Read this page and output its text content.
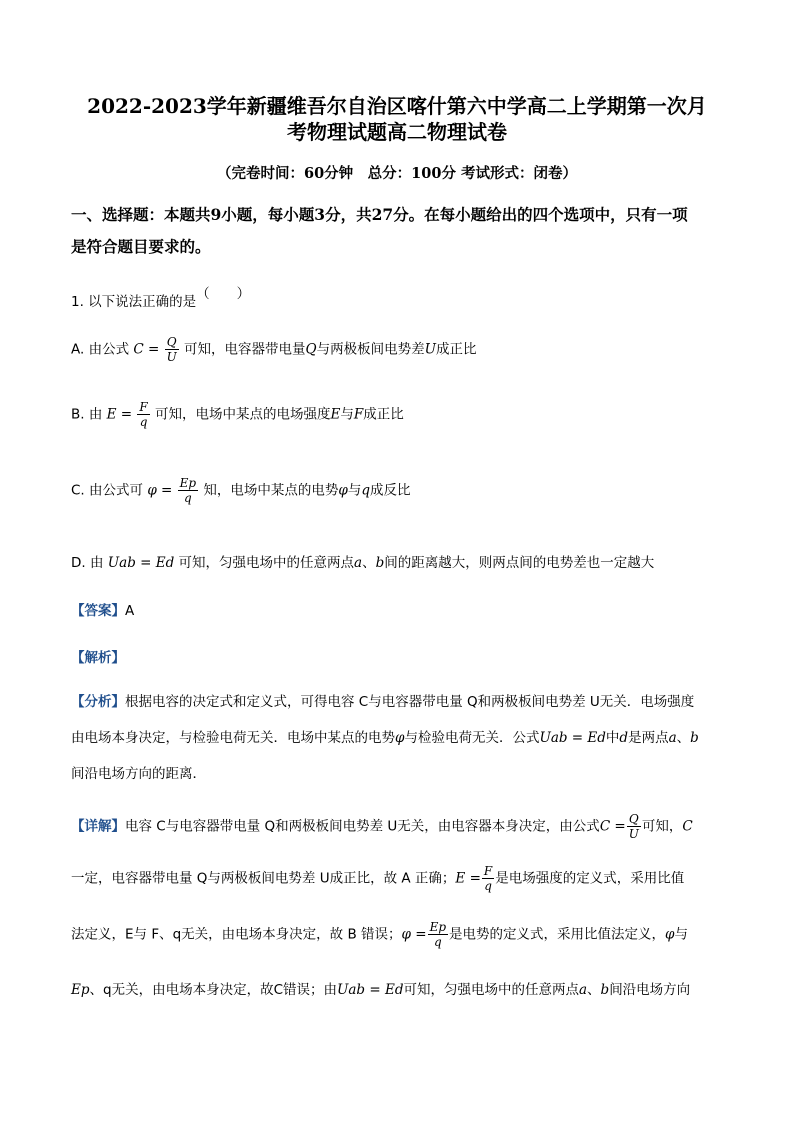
2022-2023学年新疆维吾尔自治区喀什第六中学高二上学期第一次月
考物理试题高二物理试卷
（完卷时间：60分钟　总分：100分 考试形式：闭卷）
一、选择题：本题共9小题，每小题3分，共27分。在每小题给出的四个选项中，只有一项
是符合题目要求的。
1. 以下说法正确的是（　　）
A. 由公式 $C = \frac{Q}{U}$ 可知，电容器带电量Q与两极板间电势差U成正比
B. 由 $E = \frac{F}{q}$ 可知，电场中某点的电场强度E与F成正比
C. 由公式可 $\varphi = \frac{Ep}{q}$ 知，电场中某点的电势φ与q成反比
D. 由 Uab = Ed 可知，匀强电场中的任意两点a、b间的距离越大，则两点间的电势差也一定越大
【答案】A
【解析】
【分析】根据电容的决定式和定义式，可得电容 C与电容器带电量 Q和两极板间电势差 U无关．电场强度
由电场本身决定，与检验电荷无关．电场中某点的电势φ与检验电荷无关．公式Uab = Ed中d是两点a、b
间沿电场方向的距离．
【详解】电容 C与电容器带电量 Q和两极板间电势差 U无关，由电容器本身决定，由公式$C = \frac{Q}{U}$ 可知，C
一定，电容器带电量 Q与两极板间电势差 U成正比，故 A 正确；$E = \frac{F}{q}$ 是电场强度的定义式，采用比值
法定义，E与 F、q无关，由电场本身决定，故 B 错误；$\varphi = \frac{Ep}{q}$ 是电势的定义式，采用比值法定义，φ与
Ep、q无关，由电场本身决定，故C错误；由Uab = Ed可知，匀强电场中的任意两点a、b间沿电场方向
